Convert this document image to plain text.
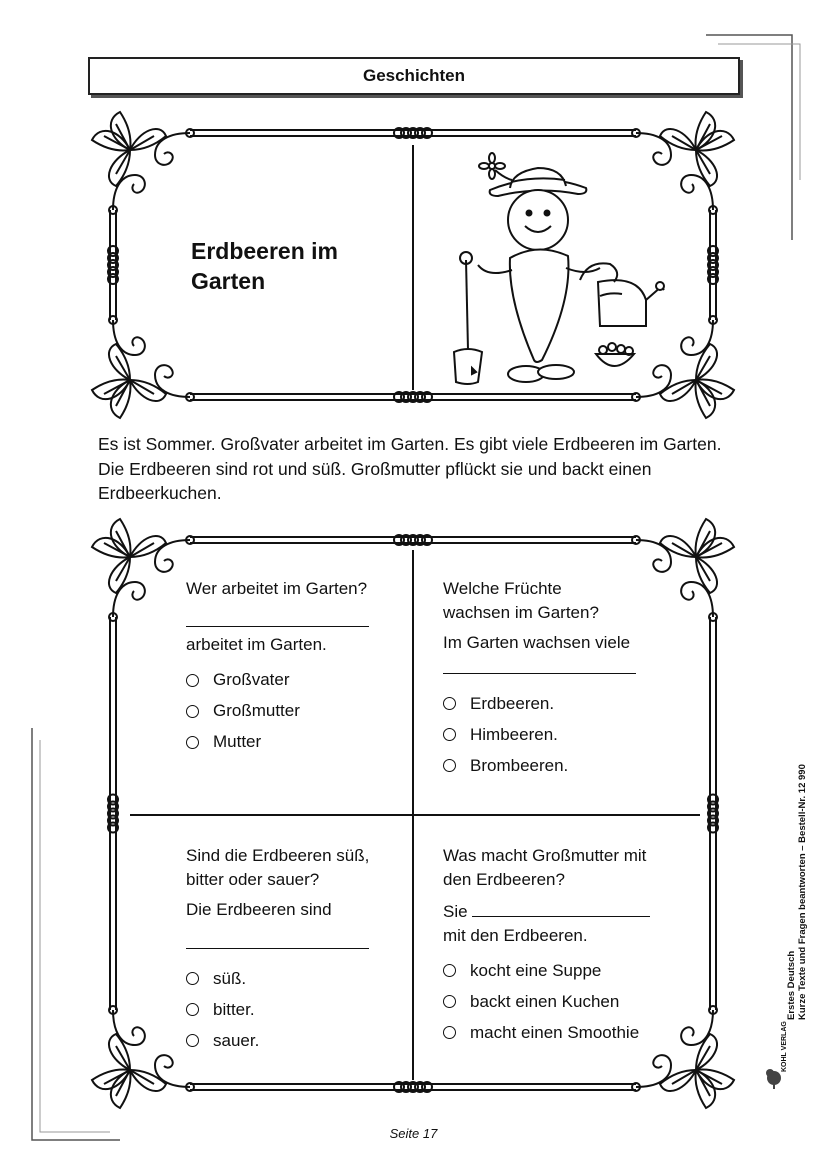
Geschichten
Erdbeeren im
Garten
Es ist Sommer. Großvater arbeitet im Garten. Es gibt viele Erdbeeren im Garten. Die Erdbeeren sind rot und süß. Großmutter pflückt sie und backt einen Erdbeerkuchen.
Wer arbeitet im Garten?
arbeitet im Garten.
Großvater
Großmutter
Mutter
Welche Früchte
wachsen im Garten?
Im Garten wachsen viele
Erdbeeren.
Himbeeren.
Brombeeren.
Sind die Erdbeeren süß,
bitter oder sauer?
Die Erdbeeren sind
süß.
bitter.
sauer.
Was macht Großmutter mit
den Erdbeeren?
Sie
mit den Erdbeeren.
kocht eine Suppe
backt einen Kuchen
macht einen Smoothie
Seite 17
Erstes Deutsch Kurze Texte und Fragen beantworten – Bestell-Nr. 12 990
KOHL VERLAG
